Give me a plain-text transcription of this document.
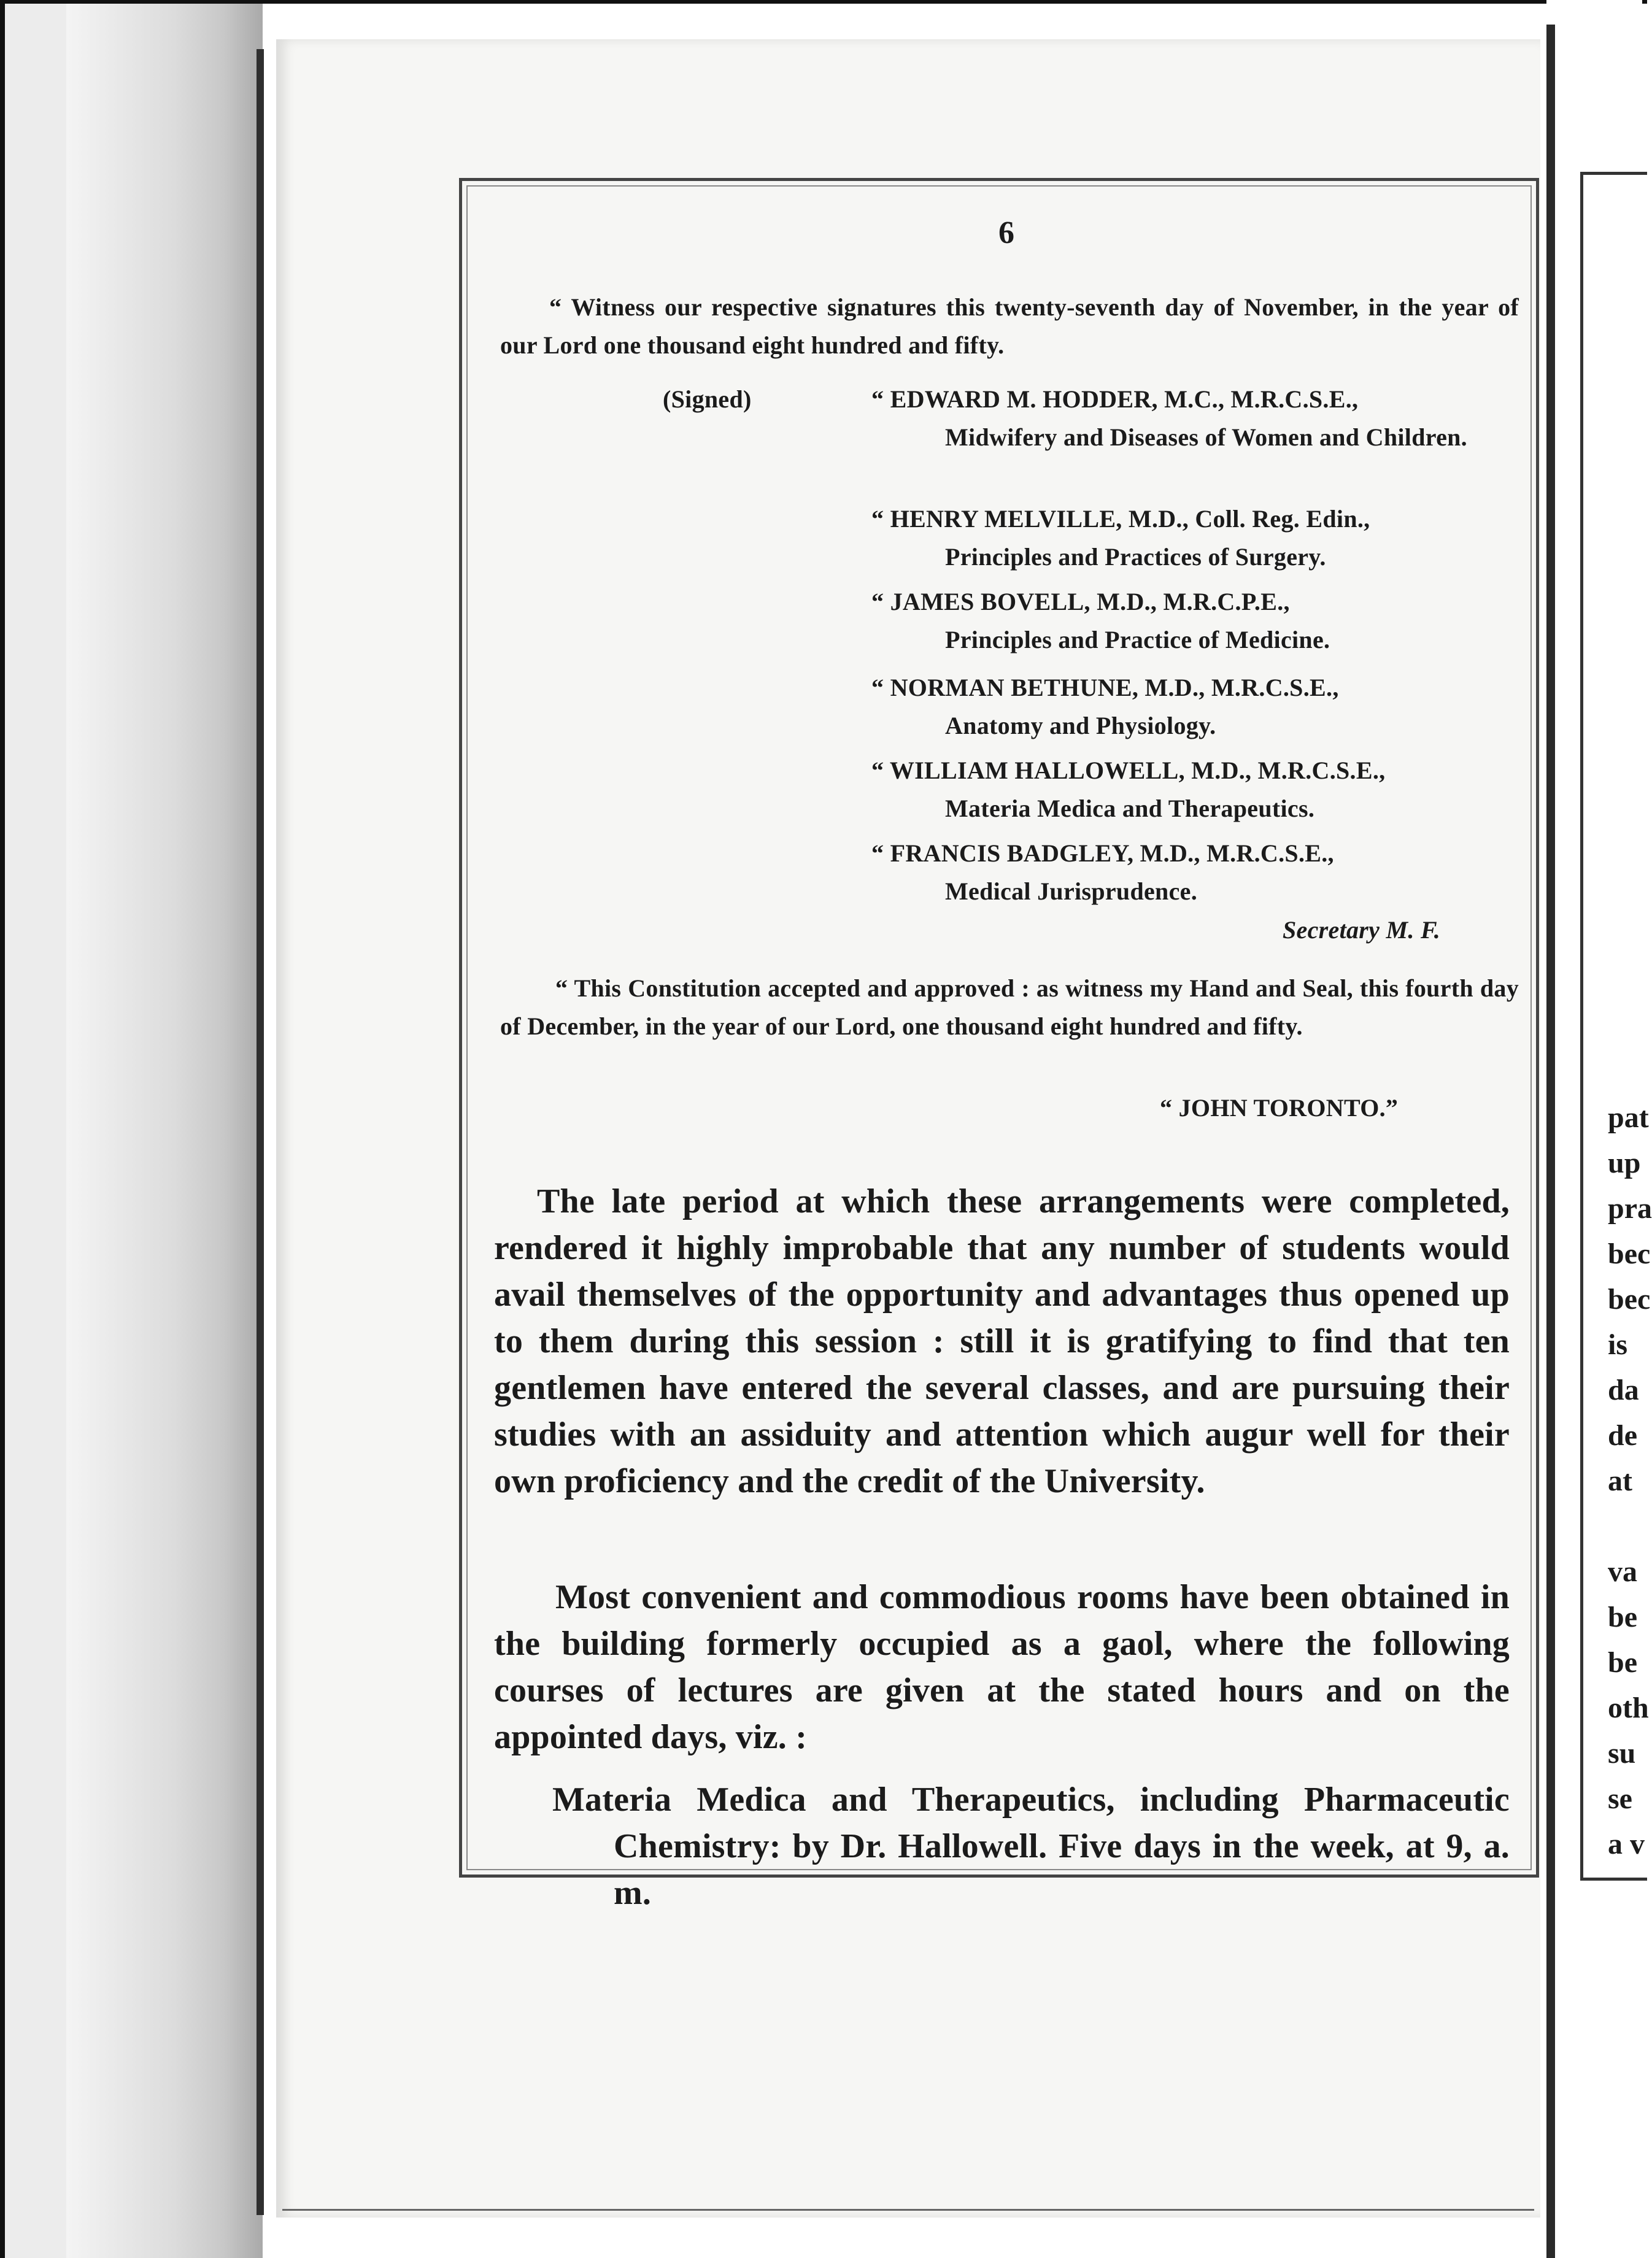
pat
up
pra
bec
bec
is
da
de
at
va
be
be
oth
su
se
a v
6
“ Witness our respective signatures this twenty-seventh day of November, in the year of our Lord one thousand eight hundred and fifty.
(Signed)	“ EDWARD M. HODDER, M.C., M.R.C.S.E.,
Midwifery and Diseases of Women and Children.
“ HENRY MELVILLE, M.D., Coll. Reg. Edin.,
Principles and Practices of Surgery.
“ JAMES BOVELL, M.D., M.R.C.P.E.,
Principles and Practice of Medicine.
“ NORMAN BETHUNE, M.D., M.R.C.S.E.,
Anatomy and Physiology.
“ WILLIAM HALLOWELL, M.D., M.R.C.S.E.,
Materia Medica and Therapeutics.
“ FRANCIS BADGLEY, M.D., M.R.C.S.E.,
Medical Jurisprudence.
Secretary M. F.
“ This Constitution accepted and approved : as witness my Hand and Seal, this fourth day of December, in the year of our Lord, one thousand eight hundred and fifty.
“ JOHN TORONTO.”
The late period at which these arrangements were completed, rendered it highly improbable that any number of students would avail themselves of the opportunity and advantages thus opened up to them during this session : still it is gratifying to find that ten gentlemen have entered the several classes, and are pursuing their studies with an assiduity and attention which augur well for their own proficiency and the credit of the University.
Most convenient and commodious rooms have been obtained in the building formerly occupied as a gaol, where the following courses of lectures are given at the stated hours and on the appointed days, viz. :
Materia Medica and Therapeutics, including Pharmaceutic Chemistry: by Dr. Hallowell. Five days in the week, at 9, a. m.
